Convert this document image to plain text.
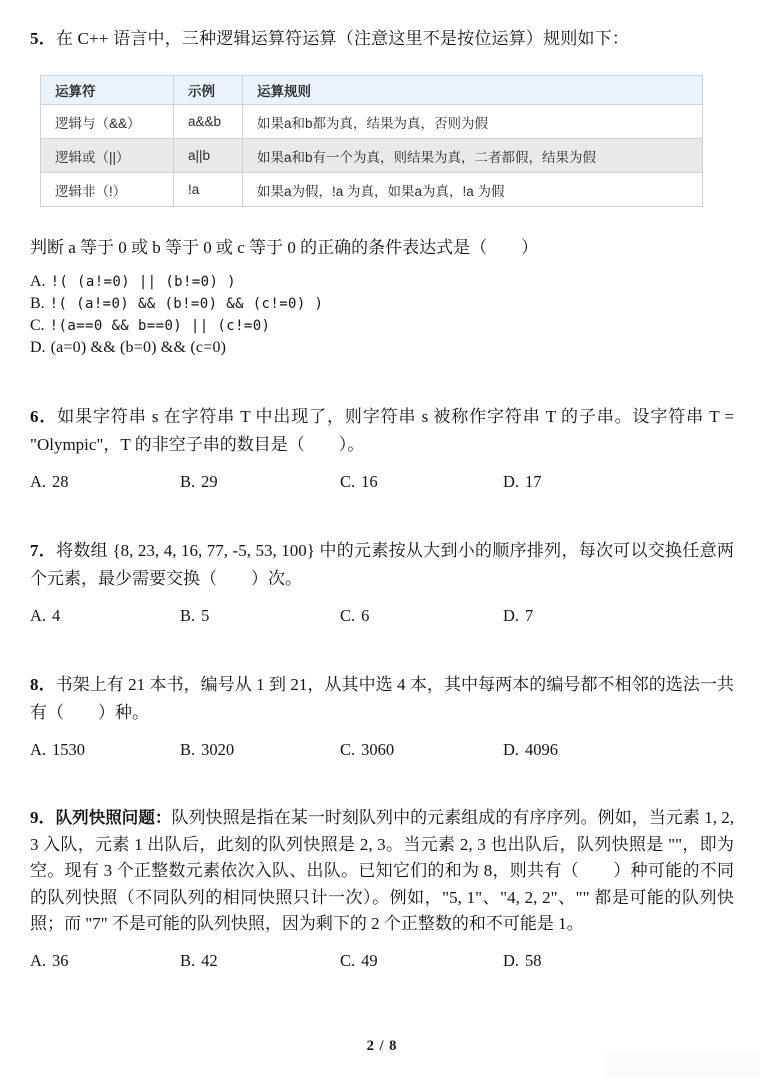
5．在 C++ 语言中，三种逻辑运算符运算（注意这里不是按位运算）规则如下：

运算符	示例	运算规则
逻辑与（&&）	a&&b	如果a和b都为真，结果为真，否则为假
逻辑或（||）	a||b	如果a和b有一个为真，则结果为真，二者都假，结果为假
逻辑非（!）	!a	如果a为假，!a 为真，如果a为真，!a 为假

判断 a 等于 0 或 b 等于 0 或 c 等于 0 的正确的条件表达式是（　　）

A. !( (a!=0) || (b!=0) )
B. !( (a!=0) && (b!=0) && (c!=0) )
C. !(a==0 && b==0) || (c!=0)
D. (a=0) && (b=0) && (c=0)

6．如果字符串 s 在字符串 T 中出现了，则字符串 s 被称作字符串 T 的子串。设字符串 T = "Olympic"，T 的非空子串的数目是（　　）。

A. 28	B. 29	C. 16	D. 17

7．将数组 {8, 23, 4, 16, 77, -5, 53, 100} 中的元素按从大到小的顺序排列，每次可以交换任意两个元素，最少需要交换（　　）次。

A. 4	B. 5	C. 6	D. 7

8．书架上有 21 本书，编号从 1 到 21，从其中选 4 本，其中每两本的编号都不相邻的选法一共有（　　）种。

A. 1530	B. 3020	C. 3060	D. 4096

9．队列快照问题：队列快照是指在某一时刻队列中的元素组成的有序序列。例如，当元素 1, 2, 3 入队，元素 1 出队后，此刻的队列快照是 2, 3。当元素 2, 3 也出队后，队列快照是 ""，即为空。现有 3 个正整数元素依次入队、出队。已知它们的和为 8，则共有（　　）种可能的不同的队列快照（不同队列的相同快照只计一次）。例如，"5, 1"、"4, 2, 2"、"" 都是可能的队列快照；而 "7" 不是可能的队列快照，因为剩下的 2 个正整数的和不可能是 1。

A. 36	B. 42	C. 49	D. 58
2 / 8
